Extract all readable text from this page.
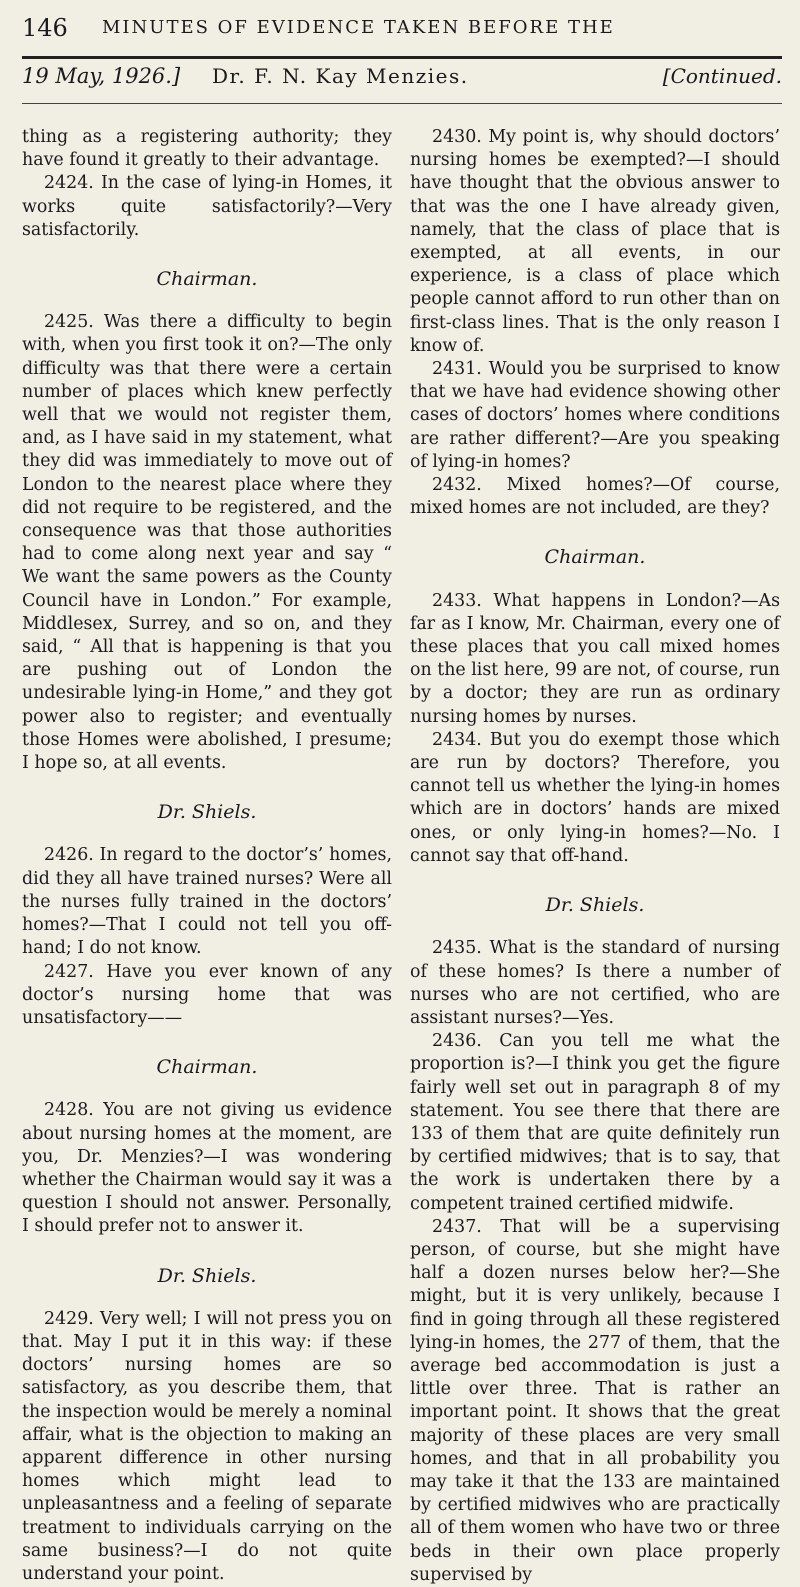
146 MINUTES OF EVIDENCE TAKEN BEFORE THE
19 May, 1926.] Dr. F. N. Kay Menzies.	[Continued.

thing as a registering authority; they have found it greatly to their advantage.

2424. In the case of lying-in Homes, it works quite satisfactorily?—Very satisfactorily.

Chairman.

2425. Was there a difficulty to begin with, when you first took it on?—The only difficulty was that there were a certain number of places which knew perfectly well that we would not register them, and, as I have said in my statement, what they did was immediately to move out of London to the nearest place where they did not require to be registered, and the consequence was that those authorities had to come along next year and say “ We want the same powers as the County Council have in London.” For example, Middlesex, Surrey, and so on, and they said, “ All that is happening is that you are pushing out of London the undesirable lying-in Home,” and they got power also to register; and eventually those Homes were abolished, I presume; I hope so, at all events.

Dr. Shiels.

2426. In regard to the doctor’s’ homes, did they all have trained nurses? Were all the nurses fully trained in the doctors’ homes?—That I could not tell you off-hand; I do not know.

2427. Have you ever known of any doctor’s nursing home that was unsatisfactory——

Chairman.

2428. You are not giving us evidence about nursing homes at the moment, are you, Dr. Menzies?—I was wondering whether the Chairman would say it was a question I should not answer. Personally, I should prefer not to answer it.

Dr. Shiels.

2429. Very well; I will not press you on that. May I put it in this way: if these doctors’ nursing homes are so satisfactory, as you describe them, that the inspection would be merely a nominal affair, what is the objection to making an apparent difference in other nursing homes which might lead to unpleasantness and a feeling of separate treatment to individuals carrying on the same business?—I do not quite understand your point.

2430. My point is, why should doctors’ nursing homes be exempted?—I should have thought that the obvious answer to that was the one I have already given, namely, that the class of place that is exempted, at all events, in our experience, is a class of place which people cannot afford to run other than on first-class lines. That is the only reason I know of.

2431. Would you be surprised to know that we have had evidence showing other cases of doctors’ homes where conditions are rather different?—Are you speaking of lying-in homes?

2432. Mixed homes?—Of course, mixed homes are not included, are they?

Chairman.

2433. What happens in London?—As far as I know, Mr. Chairman, every one of these places that you call mixed homes on the list here, 99 are not, of course, run by a doctor; they are run as ordinary nursing homes by nurses.

2434. But you do exempt those which are run by doctors? Therefore, you cannot tell us whether the lying-in homes which are in doctors’ hands are mixed ones, or only lying-in homes?—No. I cannot say that off-hand.

Dr. Shiels.

2435. What is the standard of nursing of these homes? Is there a number of nurses who are not certified, who are assistant nurses?—Yes.

2436. Can you tell me what the proportion is?—I think you get the figure fairly well set out in paragraph 8 of my statement. You see there that there are 133 of them that are quite definitely run by certified midwives; that is to say, that the work is undertaken there by a competent trained certified midwife.

2437. That will be a supervising person, of course, but she might have half a dozen nurses below her?—She might, but it is very unlikely, because I find in going through all these registered lying-in homes, the 277 of them, that the average bed accommodation is just a little over three. That is rather an important point. It shows that the great majority of these places are very small homes, and that in all probability you may take it that the 133 are maintained by certified midwives who are practically all of them women who have two or three beds in their own place properly supervised by
